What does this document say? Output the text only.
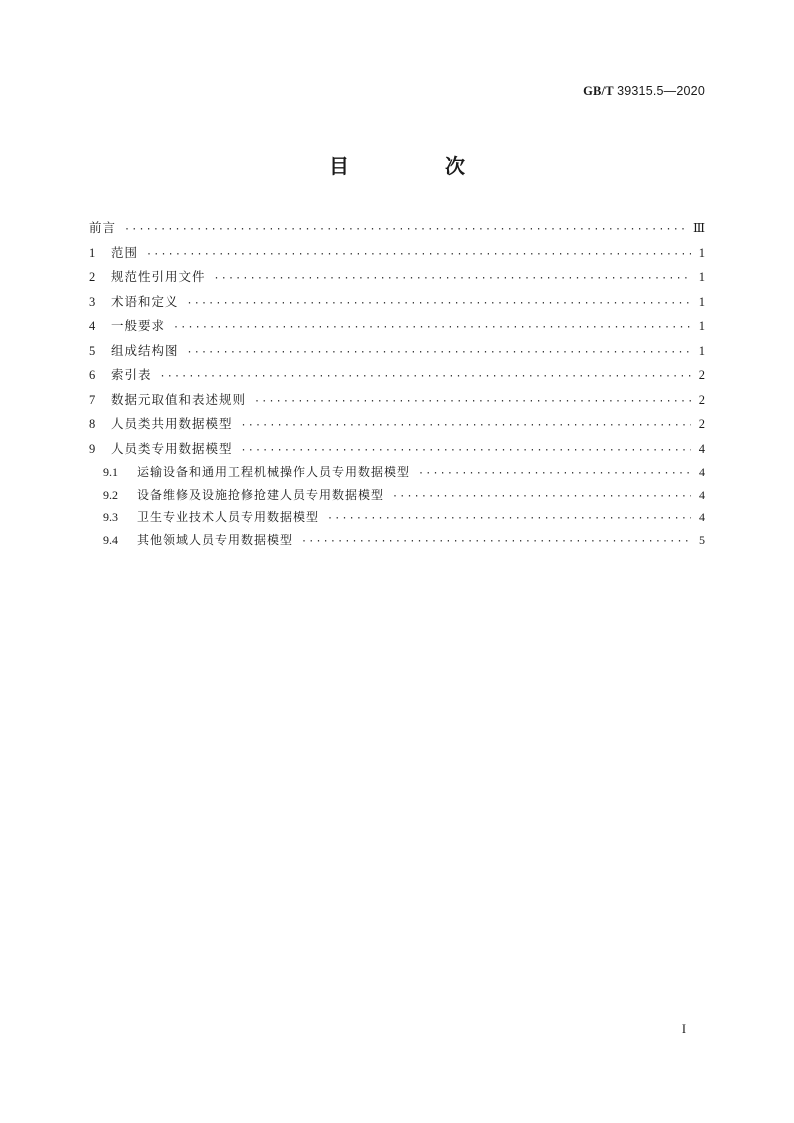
GB/T 39315.5—2020
目　次
前言 ·····	Ⅲ
1	范围 ·····	1
2	规范性引用文件 ·····	1
3	术语和定义 ·····	1
4	一般要求 ·····	1
5	组成结构图 ·····	1
6	索引表 ·····	2
7	数据元取值和表述规则 ·····	2
8	人员类共用数据模型 ·····	2
9	人员类专用数据模型 ·····	4
9.1	运输设备和通用工程机械操作人员专用数据模型 ·····	4
9.2	设备维修及设施抢修抢建人员专用数据模型 ·····	4
9.3	卫生专业技术人员专用数据模型 ·····	4
9.4	其他领域人员专用数据模型 ·····	5
I
